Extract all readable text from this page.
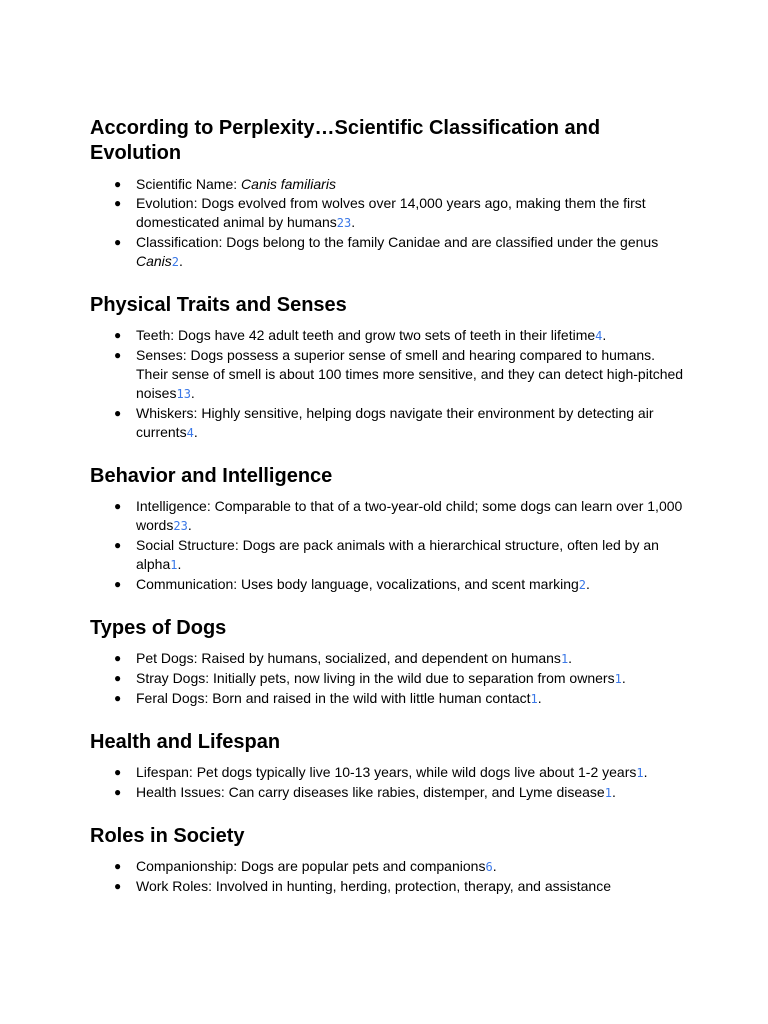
According to Perplexity…Scientific Classification and Evolution
● Scientific Name: Canis familiaris
● Evolution: Dogs evolved from wolves over 14,000 years ago, making them the first domesticated animal by humans23.
● Classification: Dogs belong to the family Canidae and are classified under the genus Canis2.
Physical Traits and Senses
● Teeth: Dogs have 42 adult teeth and grow two sets of teeth in their lifetime4.
● Senses: Dogs possess a superior sense of smell and hearing compared to humans. Their sense of smell is about 100 times more sensitive, and they can detect high-pitched noises13.
● Whiskers: Highly sensitive, helping dogs navigate their environment by detecting air currents4.
Behavior and Intelligence
● Intelligence: Comparable to that of a two-year-old child; some dogs can learn over 1,000 words23.
● Social Structure: Dogs are pack animals with a hierarchical structure, often led by an alpha1.
● Communication: Uses body language, vocalizations, and scent marking2.
Types of Dogs
● Pet Dogs: Raised by humans, socialized, and dependent on humans1.
● Stray Dogs: Initially pets, now living in the wild due to separation from owners1.
● Feral Dogs: Born and raised in the wild with little human contact1.
Health and Lifespan
● Lifespan: Pet dogs typically live 10-13 years, while wild dogs live about 1-2 years1.
● Health Issues: Can carry diseases like rabies, distemper, and Lyme disease1.
Roles in Society
● Companionship: Dogs are popular pets and companions6.
● Work Roles: Involved in hunting, herding, protection, therapy, and assistance
